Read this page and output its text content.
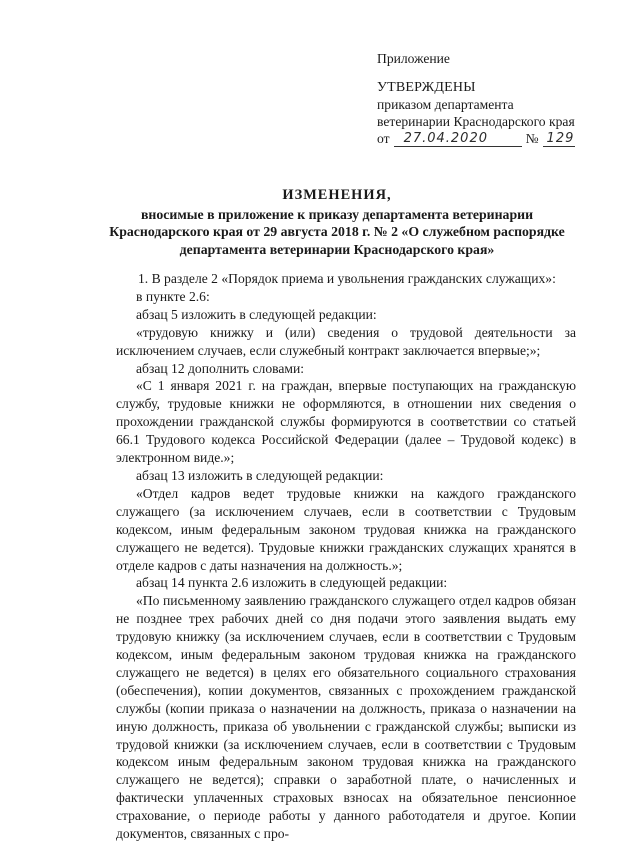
Приложение
УТВЕРЖДЕНЫ
приказом департамента
ветеринарии Краснодарского края
от	27.04.2020	№ 129
ИЗМЕНЕНИЯ,
вносимые в приложение к приказу департамента ветеринарии
Краснодарского края от 29 августа 2018 г. № 2 «О служебном распорядке
департамента ветеринарии Краснодарского края»

1. В разделе 2 «Порядок приема и увольнения гражданских служащих»:

в пункте 2.6:

абзац 5 изложить в следующей редакции:

«трудовую книжку и (или) сведения о трудовой деятельности за исключением случаев, если служебный контракт заключается впервые;»;

абзац 12 дополнить словами:

«С 1 января 2021 г. на граждан, впервые поступающих на гражданскую службу, трудовые книжки не оформляются, в отношении них сведения о прохождении гражданской службы формируются в соответствии со статьей 66.1 Трудового кодекса Российской Федерации (далее – Трудовой кодекс) в электронном виде.»;

абзац 13 изложить в следующей редакции:

«Отдел кадров ведет трудовые книжки на каждого гражданского служащего (за исключением случаев, если в соответствии с Трудовым кодексом, иным федеральным законом трудовая книжка на гражданского служащего не ведется). Трудовые книжки гражданских служащих хранятся в отделе кадров с даты назначения на должность.»;

абзац 14 пункта 2.6 изложить в следующей редакции:

«По письменному заявлению гражданского служащего отдел кадров обязан не позднее трех рабочих дней со дня подачи этого заявления выдать ему трудовую книжку (за исключением случаев, если в соответствии с Трудовым кодексом, иным федеральным законом трудовая книжка на гражданского служащего не ведется) в целях его обязательного социального страхования (обеспечения), копии документов, связанных с прохождением гражданской службы (копии приказа о назначении на должность, приказа о назначении на иную должность, приказа об увольнении с гражданской службы; выписки из трудовой книжки (за исключением случаев, если в соответствии с Трудовым кодексом иным федеральным законом трудовая книжка на гражданского служащего не ведется); справки о заработной плате, о начисленных и фактически уплаченных страховых взносах на обязательное пенсионное страхование, о периоде работы у данного работодателя и другое. Копии документов, связанных с про-
